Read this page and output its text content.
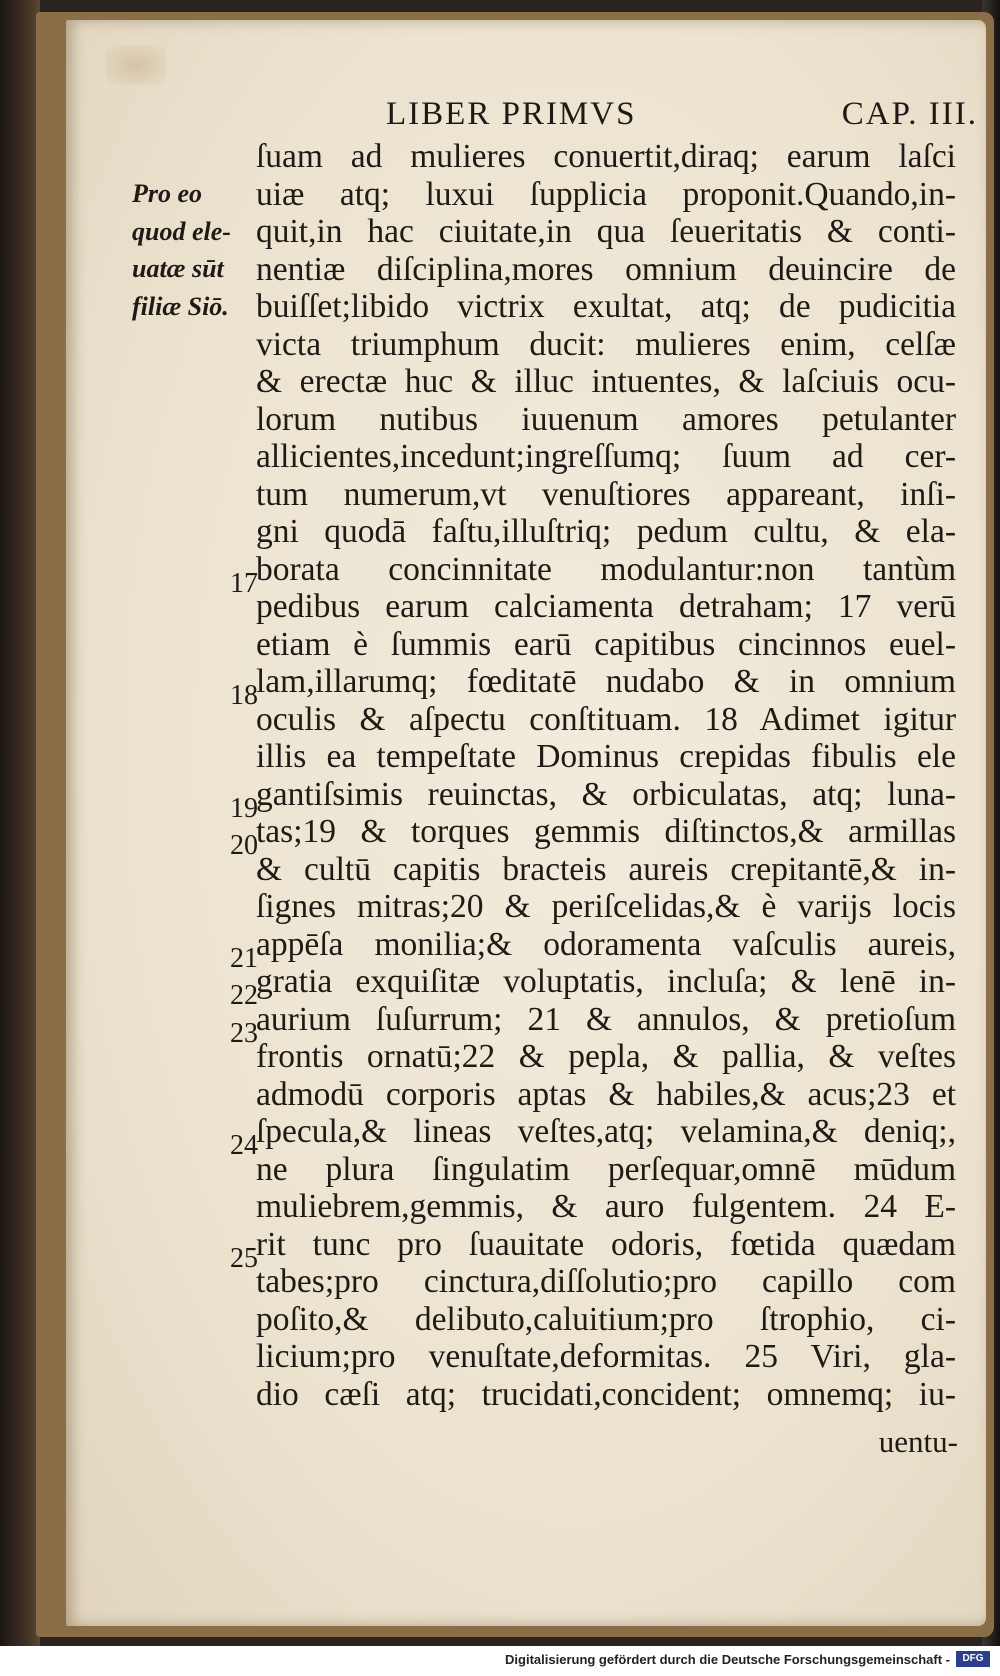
LIBER PRIMVS	CAP. III.
Pro eo
quod ele-
uatæ sūt
filiæ Siō.
17
18
19
20
21
22
23
24
25
ſuam ad mulieres conuertit,diraq; earum laſci
uiæ atq; luxui ſupplicia proponit.Quando,in-
quit,in hac ciuitate,in qua ſeueritatis & conti-
nentiæ diſciplina,mores omnium deuincire de
buiſſet;libido victrix exultat, atq; de pudicitia
victa triumphum ducit: mulieres enim, celſæ
& erectæ huc & illuc intuentes, & laſciuis ocu-
lorum nutibus iuuenum amores petulanter
allicientes,incedunt;ingreſſumq; ſuum ad cer-
tum numerum,vt venuſtiores appareant, inſi-
gni quodā faſtu,illuſtriq; pedum cultu, & ela-
borata concinnitate modulantur:non tantùm
pedibus earum calciamenta detraham; 17 verū
etiam è ſummis earū capitibus cincinnos euel-
lam,illarumq; fœditatē nudabo & in omnium
oculis & aſpectu conſtituam. 18 Adimet igitur
illis ea tempeſtate Dominus crepidas fibulis ele
gantiſsimis reuinctas, & orbiculatas, atq; luna-
tas;19 & torques gemmis diſtinctos,& armillas
& cultū capitis bracteis aureis crepitantē,& in-
ſignes mitras;20 & periſcelidas,& è varijs locis
appēſa monilia;& odoramenta vaſculis aureis,
gratia exquiſitæ voluptatis, incluſa; & lenē in-
aurium ſuſurrum; 21 & annulos, & pretioſum
frontis ornatū;22 & pepla, & pallia, & veſtes
admodū corporis aptas & habiles,& acus;23 et
ſpecula,& lineas veſtes,atq; velamina,& deniq;,
ne plura ſingulatim perſequar,omnē mūdum
muliebrem,gemmis, & auro fulgentem. 24 E-
rit tunc pro ſuauitate odoris, fœtida quædam
tabes;pro cinctura,diſſolutio;pro capillo com
poſito,& delibuto,caluitium;pro ſtrophio, ci-
licium;pro venuſtate,deformitas. 25 Viri, gla-
dio cæſi atq; trucidati,concident; omnemq; iu-
uentu-
Digitalisierung gefördert durch die Deutsche Forschungsgemeinschaft -	DFG
